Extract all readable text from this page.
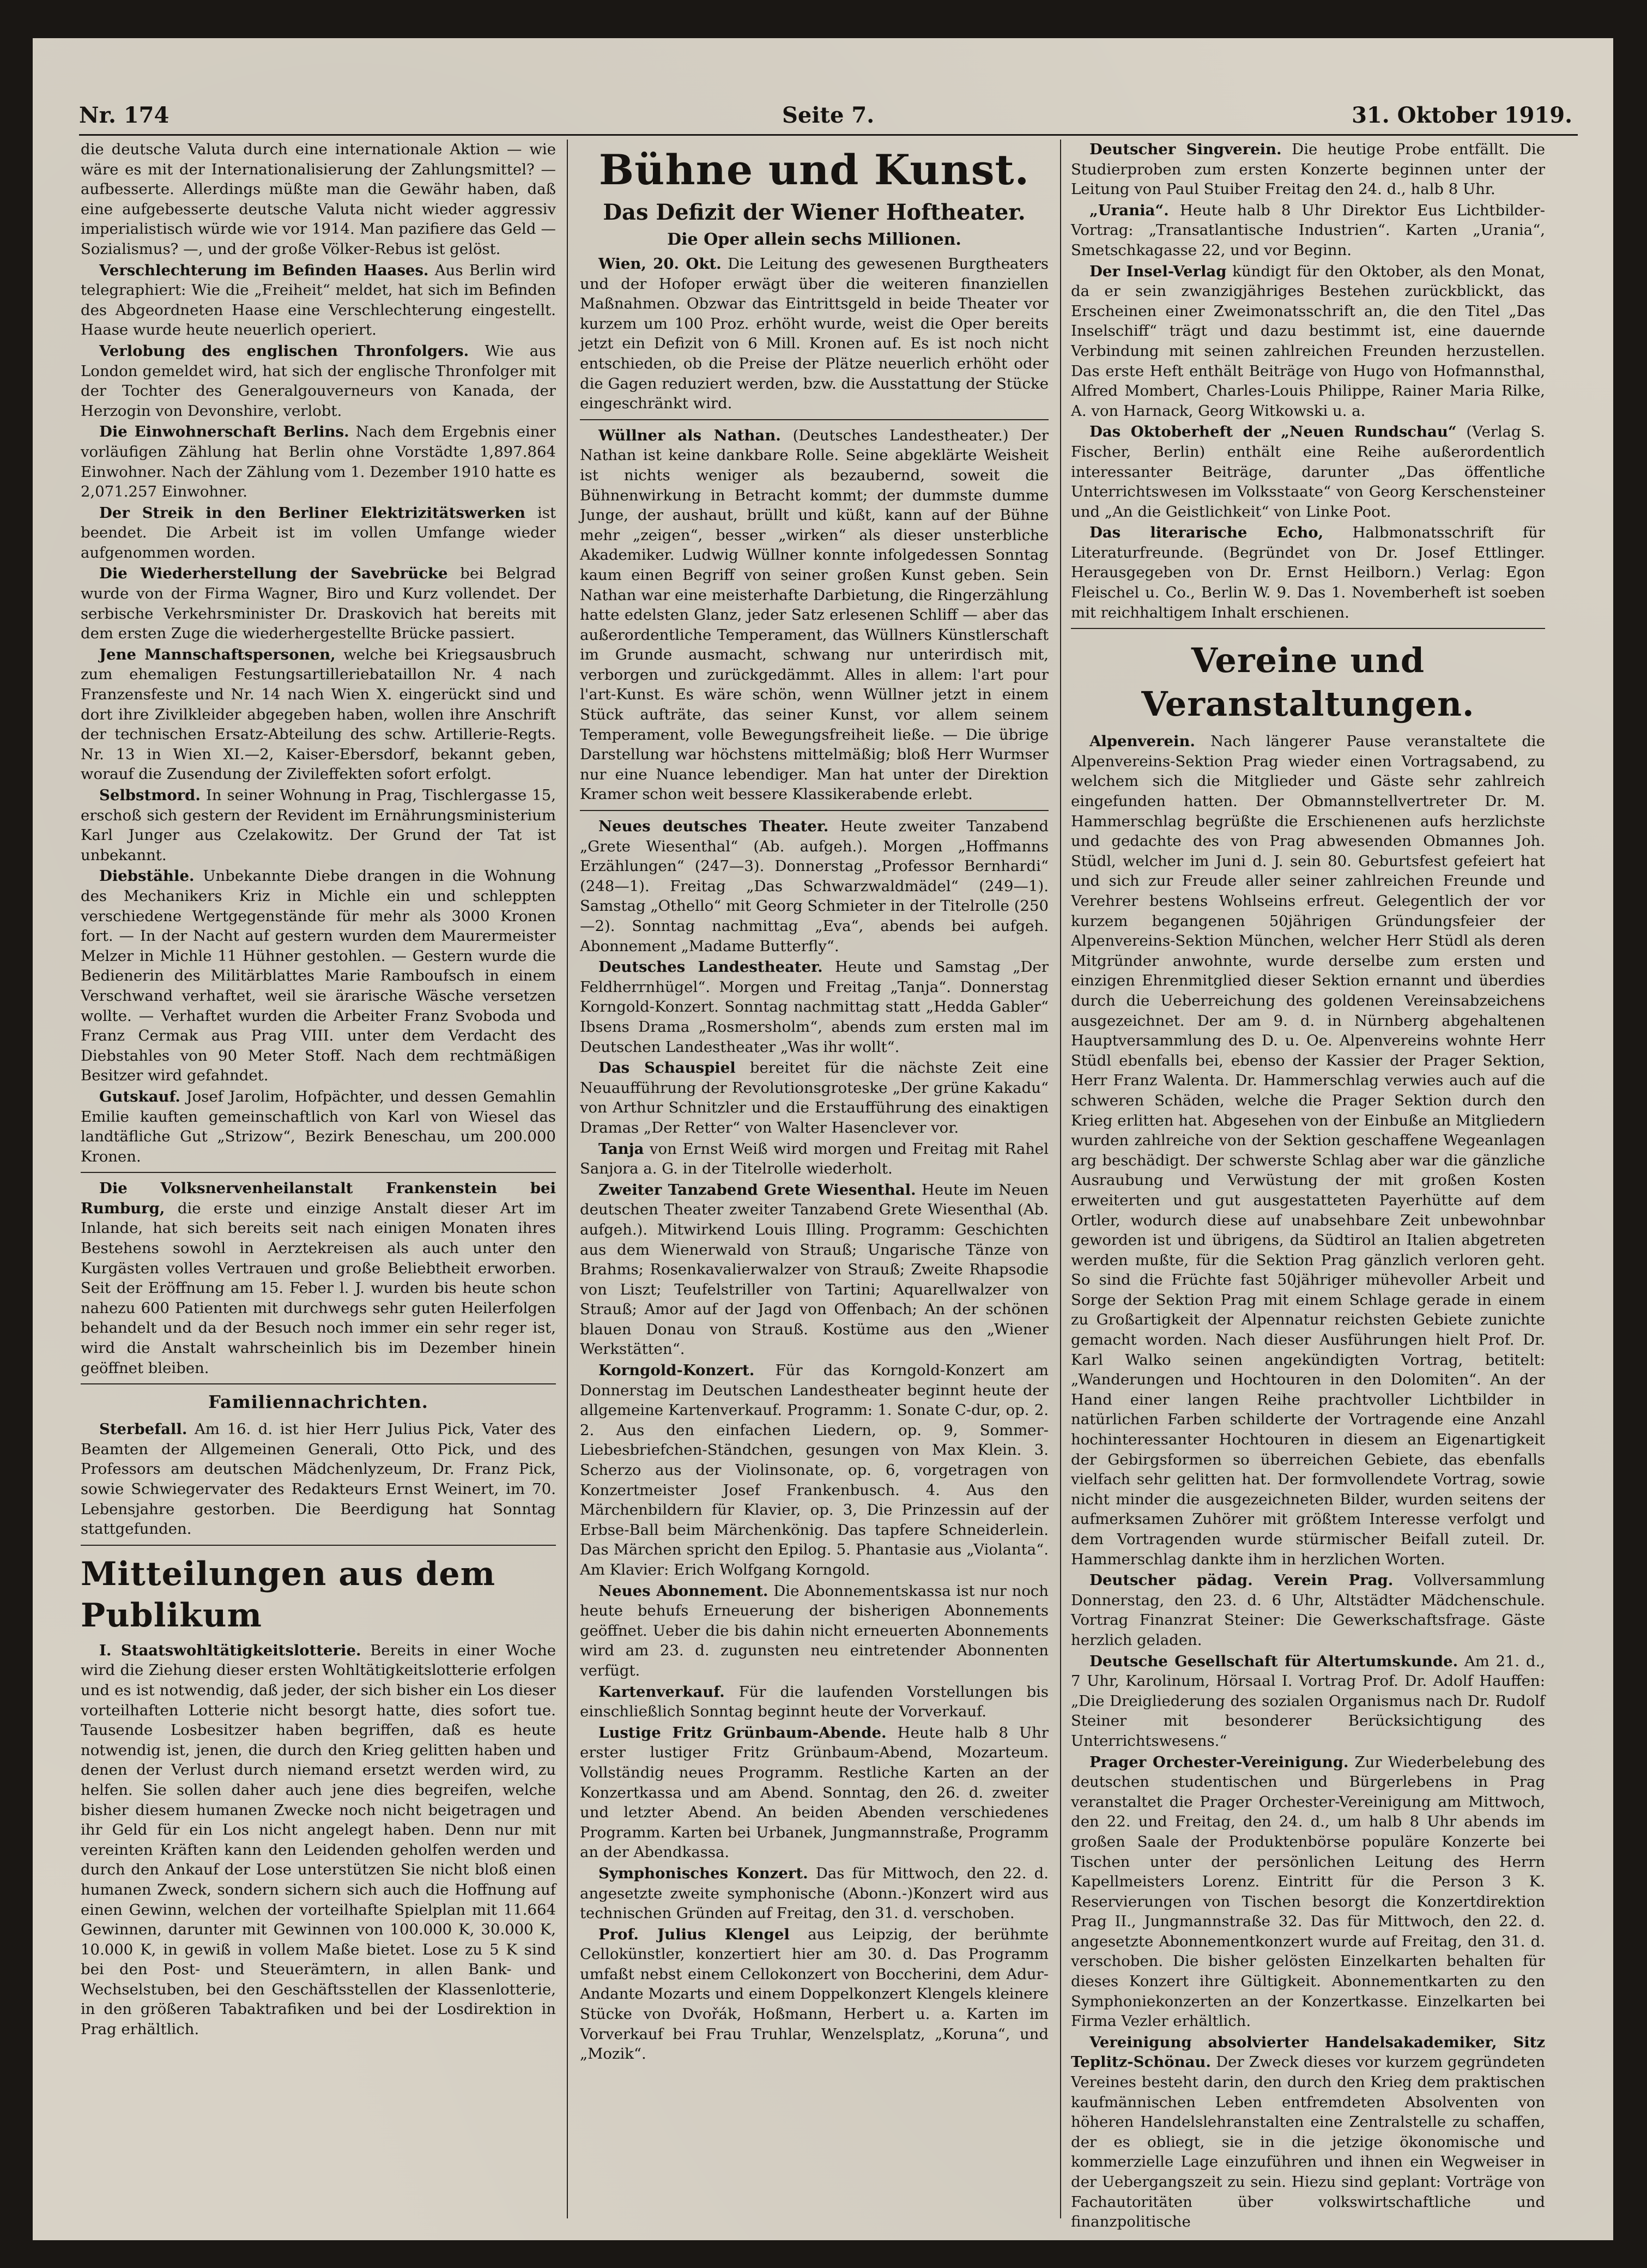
Nr. 174	Seite 7.	31. Oktober 1919.

die deutsche Valuta durch eine internationale Aktion — wie wäre es mit der Internationalisierung der Zahlungsmittel? — aufbesserte. Allerdings müßte man die Gewähr haben, daß eine aufgebesserte deutsche Valuta nicht wieder aggressiv imperialistisch würde wie vor 1914. Man pazifiere das Geld — Sozialismus? —, und der große Völker-Rebus ist gelöst.

Verschlechterung im Befinden Haases. Aus Berlin wird telegraphiert: Wie die „Freiheit“ meldet, hat sich im Befinden des Abgeordneten Haase eine Verschlechterung eingestellt. Haase wurde heute neuerlich operiert.

Verlobung des englischen Thronfolgers. Wie aus London gemeldet wird, hat sich der englische Thronfolger mit der Tochter des Generalgouverneurs von Kanada, der Herzogin von Devonshire, verlobt.

Die Einwohnerschaft Berlins. Nach dem Ergebnis einer vorläufigen Zählung hat Berlin ohne Vorstädte 1,897.864 Einwohner. Nach der Zählung vom 1. Dezember 1910 hatte es 2,071.257 Einwohner.

Der Streik in den Berliner Elektrizitätswerken ist beendet. Die Arbeit ist im vollen Umfange wieder aufgenommen worden.

Die Wiederherstellung der Savebrücke bei Belgrad wurde von der Firma Wagner, Biro und Kurz vollendet. Der serbische Verkehrsminister Dr. Draskovich hat bereits mit dem ersten Zuge die wiederhergestellte Brücke passiert.

Jene Mannschaftspersonen, welche bei Kriegsausbruch zum ehemaligen Festungsartilleriebataillon Nr. 4 nach Franzensfeste und Nr. 14 nach Wien X. eingerückt sind und dort ihre Zivilkleider abgegeben haben, wollen ihre Anschrift der technischen Ersatz-Abteilung des schw. Artillerie-Regts. Nr. 13 in Wien XI.—2, Kaiser-Ebersdorf, bekannt geben, worauf die Zusendung der Zivileffekten sofort erfolgt.

Selbstmord. In seiner Wohnung in Prag, Tischlergasse 15, erschoß sich gestern der Revident im Ernährungsministerium Karl Junger aus Czelakowitz. Der Grund der Tat ist unbekannt.

Diebstähle. Unbekannte Diebe drangen in die Wohnung des Mechanikers Kriz in Michle ein und schleppten verschiedene Wertgegenstände für mehr als 3000 Kronen fort. — In der Nacht auf gestern wurden dem Maurermeister Melzer in Michle 11 Hühner gestohlen. — Gestern wurde die Bedienerin des Militärblattes Marie Ramboufsch in einem Verschwand verhaftet, weil sie ärarische Wäsche versetzen wollte. — Verhaftet wurden die Arbeiter Franz Svoboda und Franz Cermak aus Prag VIII. unter dem Verdacht des Diebstahles von 90 Meter Stoff. Nach dem rechtmäßigen Besitzer wird gefahndet.

Gutskauf. Josef Jarolim, Hofpächter, und dessen Gemahlin Emilie kauften gemeinschaftlich von Karl von Wiesel das landtäfliche Gut „Strizow“, Bezirk Beneschau, um 200.000 Kronen.

Die Volksnervenheilanstalt Frankenstein bei Rumburg, die erste und einzige Anstalt dieser Art im Inlande, hat sich bereits seit nach einigen Monaten ihres Bestehens sowohl in Aerztekreisen als auch unter den Kurgästen volles Vertrauen und große Beliebtheit erworben. Seit der Eröffnung am 15. Feber l. J. wurden bis heute schon nahezu 600 Patienten mit durchwegs sehr guten Heilerfolgen behandelt und da der Besuch noch immer ein sehr reger ist, wird die Anstalt wahrscheinlich bis im Dezember hinein geöffnet bleiben.

Familiennachrichten.

Sterbefall. Am 16. d. ist hier Herr Julius Pick, Vater des Beamten der Allgemeinen Generali, Otto Pick, und des Professors am deutschen Mädchenlyzeum, Dr. Franz Pick, sowie Schwiegervater des Redakteurs Ernst Weinert, im 70. Lebensjahre gestorben. Die Beerdigung hat Sonntag stattgefunden.

Mitteilungen aus dem Publikum

I. Staatswohltätigkeitslotterie. Bereits in einer Woche wird die Ziehung dieser ersten Wohltätigkeitslotterie erfolgen und es ist notwendig, daß jeder, der sich bisher ein Los dieser vorteilhaften Lotterie nicht besorgt hatte, dies sofort tue. Tausende Losbesitzer haben begriffen, daß es heute notwendig ist, jenen, die durch den Krieg gelitten haben und denen der Verlust durch niemand ersetzt werden wird, zu helfen. Sie sollen daher auch jene dies begreifen, welche bisher diesem humanen Zwecke noch nicht beigetragen und ihr Geld für ein Los nicht angelegt haben. Denn nur mit vereinten Kräften kann den Leidenden geholfen werden und durch den Ankauf der Lose unterstützen Sie nicht bloß einen humanen Zweck, sondern sichern sich auch die Hoffnung auf einen Gewinn, welchen der vorteilhafte Spielplan mit 11.664 Gewinnen, darunter mit Gewinnen von 100.000 K, 30.000 K, 10.000 K, in gewiß in vollem Maße bietet. Lose zu 5 K sind bei den Post- und Steuerämtern, in allen Bank- und Wechselstuben, bei den Geschäftsstellen der Klassenlotterie, in den größeren Tabaktrafiken und bei der Losdirektion in Prag erhältlich.

Bühne und Kunst.
Das Defizit der Wiener Hoftheater.
Die Oper allein sechs Millionen.

Wien, 20. Okt. Die Leitung des gewesenen Burgtheaters und der Hofoper erwägt über die weiteren finanziellen Maßnahmen. Obzwar das Eintrittsgeld in beide Theater vor kurzem um 100 Proz. erhöht wurde, weist die Oper bereits jetzt ein Defizit von 6 Mill. Kronen auf. Es ist noch nicht entschieden, ob die Preise der Plätze neuerlich erhöht oder die Gagen reduziert werden, bzw. die Ausstattung der Stücke eingeschränkt wird.

Wüllner als Nathan. (Deutsches Landestheater.) Der Nathan ist keine dankbare Rolle. Seine abgeklärte Weisheit ist nichts weniger als bezaubernd, soweit die Bühnenwirkung in Betracht kommt; der dummste dumme Junge, der aushaut, brüllt und küßt, kann auf der Bühne mehr „zeigen“, besser „wirken“ als dieser unsterbliche Akademiker. Ludwig Wüllner konnte infolgedessen Sonntag kaum einen Begriff von seiner großen Kunst geben. Sein Nathan war eine meisterhafte Darbietung, die Ringerzählung hatte edelsten Glanz, jeder Satz erlesenen Schliff — aber das außerordentliche Temperament, das Wüllners Künstlerschaft im Grunde ausmacht, schwang nur unterirdisch mit, verborgen und zurückgedämmt. Alles in allem: l'art pour l'art-Kunst. Es wäre schön, wenn Wüllner jetzt in einem Stück aufträte, das seiner Kunst, vor allem seinem Temperament, volle Bewegungsfreiheit ließe. — Die übrige Darstellung war höchstens mittelmäßig; bloß Herr Wurmser nur eine Nuance lebendiger. Man hat unter der Direktion Kramer schon weit bessere Klassikerabende erlebt.

Neues deutsches Theater. Heute zweiter Tanzabend „Grete Wiesenthal“ (Ab. aufgeh.). Morgen „Hoffmanns Erzählungen“ (247—3). Donnerstag „Professor Bernhardi“ (248—1). Freitag „Das Schwarzwaldmädel“ (249—1). Samstag „Othello“ mit Georg Schmieter in der Titelrolle (250—2). Sonntag nachmittag „Eva“, abends bei aufgeh. Abonnement „Madame Butterfly“.

Deutsches Landestheater. Heute und Samstag „Der Feldherrnhügel“. Morgen und Freitag „Tanja“. Donnerstag Korngold-Konzert. Sonntag nachmittag statt „Hedda Gabler“ Ibsens Drama „Rosmersholm“, abends zum ersten mal im Deutschen Landestheater „Was ihr wollt“.

Das Schauspiel bereitet für die nächste Zeit eine Neuaufführung der Revolutionsgroteske „Der grüne Kakadu“ von Arthur Schnitzler und die Erstaufführung des einaktigen Dramas „Der Retter“ von Walter Hasenclever vor.

Tanja von Ernst Weiß wird morgen und Freitag mit Rahel Sanjora a. G. in der Titelrolle wiederholt.

Zweiter Tanzabend Grete Wiesenthal. Heute im Neuen deutschen Theater zweiter Tanzabend Grete Wiesenthal (Ab. aufgeh.). Mitwirkend Louis Illing. Programm: Geschichten aus dem Wienerwald von Strauß; Ungarische Tänze von Brahms; Rosenkavalierwalzer von Strauß; Zweite Rhapsodie von Liszt; Teufelstriller von Tartini; Aquarellwalzer von Strauß; Amor auf der Jagd von Offenbach; An der schönen blauen Donau von Strauß. Kostüme aus den „Wiener Werkstätten“.

Korngold-Konzert. Für das Korngold-Konzert am Donnerstag im Deutschen Landestheater beginnt heute der allgemeine Kartenverkauf. Programm: 1. Sonate C-dur, op. 2. 2. Aus den einfachen Liedern, op. 9, Sommer-Liebesbriefchen-Ständchen, gesungen von Max Klein. 3. Scherzo aus der Violinsonate, op. 6, vorgetragen von Konzertmeister Josef Frankenbusch. 4. Aus den Märchenbildern für Klavier, op. 3, Die Prinzessin auf der Erbse-Ball beim Märchenkönig. Das tapfere Schneiderlein. Das Märchen spricht den Epilog. 5. Phantasie aus „Violanta“. Am Klavier: Erich Wolfgang Korngold.

Neues Abonnement. Die Abonnementskassa ist nur noch heute behufs Erneuerung der bisherigen Abonnements geöffnet. Ueber die bis dahin nicht erneuerten Abonnements wird am 23. d. zugunsten neu eintretender Abonnenten verfügt.

Kartenverkauf. Für die laufenden Vorstellungen bis einschließlich Sonntag beginnt heute der Vorverkauf.

Lustige Fritz Grünbaum-Abende. Heute halb 8 Uhr erster lustiger Fritz Grünbaum-Abend, Mozarteum. Vollständig neues Programm. Restliche Karten an der Konzertkassa und am Abend. Sonntag, den 26. d. zweiter und letzter Abend. An beiden Abenden verschiedenes Programm. Karten bei Urbanek, Jungmannstraße, Programm an der Abendkassa.

Symphonisches Konzert. Das für Mittwoch, den 22. d. angesetzte zweite symphonische (Abonn.-)Konzert wird aus technischen Gründen auf Freitag, den 31. d. verschoben.

Prof. Julius Klengel aus Leipzig, der berühmte Cellokünstler, konzertiert hier am 30. d. Das Programm umfaßt nebst einem Cellokonzert von Boccherini, dem Adur-Andante Mozarts und einem Doppelkonzert Klengels kleinere Stücke von Dvořák, Hoßmann, Herbert u. a. Karten im Vorverkauf bei Frau Truhlar, Wenzelsplatz, „Koruna“, und „Mozik“.

Deutscher Singverein. Die heutige Probe entfällt. Die Studierproben zum ersten Konzerte beginnen unter der Leitung von Paul Stuiber Freitag den 24. d., halb 8 Uhr.

„Urania“. Heute halb 8 Uhr Direktor Eus Lichtbilder-Vortrag: „Transatlantische Industrien“. Karten „Urania“, Smetschkagasse 22, und vor Beginn.

Der Insel-Verlag kündigt für den Oktober, als den Monat, da er sein zwanzigjähriges Bestehen zurückblickt, das Erscheinen einer Zweimonatsschrift an, die den Titel „Das Inselschiff“ trägt und dazu bestimmt ist, eine dauernde Verbindung mit seinen zahlreichen Freunden herzustellen. Das erste Heft enthält Beiträge von Hugo von Hofmannsthal, Alfred Mombert, Charles-Louis Philippe, Rainer Maria Rilke, A. von Harnack, Georg Witkowski u. a.

Das Oktoberheft der „Neuen Rundschau“ (Verlag S. Fischer, Berlin) enthält eine Reihe außerordentlich interessanter Beiträge, darunter „Das öffentliche Unterrichtswesen im Volksstaate“ von Georg Kerschensteiner und „An die Geistlichkeit“ von Linke Poot.

Das literarische Echo, Halbmonatsschrift für Literaturfreunde. (Begründet von Dr. Josef Ettlinger. Herausgegeben von Dr. Ernst Heilborn.) Verlag: Egon Fleischel u. Co., Berlin W. 9. Das 1. Novemberheft ist soeben mit reichhaltigem Inhalt erschienen.

Vereine und Veranstaltungen.

Alpenverein. Nach längerer Pause veranstaltete die Alpenvereins-Sektion Prag wieder einen Vortragsabend, zu welchem sich die Mitglieder und Gäste sehr zahlreich eingefunden hatten. Der Obmannstellvertreter Dr. M. Hammerschlag begrüßte die Erschienenen aufs herzlichste und gedachte des von Prag abwesenden Obmannes Joh. Stüdl, welcher im Juni d. J. sein 80. Geburtsfest gefeiert hat und sich zur Freude aller seiner zahlreichen Freunde und Verehrer bestens Wohlseins erfreut. Gelegentlich der vor kurzem begangenen 50jährigen Gründungsfeier der Alpenvereins-Sektion München, welcher Herr Stüdl als deren Mitgründer anwohnte, wurde derselbe zum ersten und einzigen Ehrenmitglied dieser Sektion ernannt und überdies durch die Ueberreichung des goldenen Vereinsabzeichens ausgezeichnet. Der am 9. d. in Nürnberg abgehaltenen Hauptversammlung des D. u. Oe. Alpenvereins wohnte Herr Stüdl ebenfalls bei, ebenso der Kassier der Prager Sektion, Herr Franz Walenta. Dr. Hammerschlag verwies auch auf die schweren Schäden, welche die Prager Sektion durch den Krieg erlitten hat. Abgesehen von der Einbuße an Mitgliedern wurden zahlreiche von der Sektion geschaffene Wegeanlagen arg beschädigt. Der schwerste Schlag aber war die gänzliche Ausraubung und Verwüstung der mit großen Kosten erweiterten und gut ausgestatteten Payerhütte auf dem Ortler, wodurch diese auf unabsehbare Zeit unbewohnbar geworden ist und übrigens, da Südtirol an Italien abgetreten werden mußte, für die Sektion Prag gänzlich verloren geht. So sind die Früchte fast 50jähriger mühevoller Arbeit und Sorge der Sektion Prag mit einem Schlage gerade in einem zu Großartigkeit der Alpennatur reichsten Gebiete zunichte gemacht worden. Nach dieser Ausführungen hielt Prof. Dr. Karl Walko seinen angekündigten Vortrag, betitelt: „Wanderungen und Hochtouren in den Dolomiten“. An der Hand einer langen Reihe prachtvoller Lichtbilder in natürlichen Farben schilderte der Vortragende eine Anzahl hochinteressanter Hochtouren in diesem an Eigenartigkeit der Gebirgsformen so überreichen Gebiete, das ebenfalls vielfach sehr gelitten hat. Der formvollendete Vortrag, sowie nicht minder die ausgezeichneten Bilder, wurden seitens der aufmerksamen Zuhörer mit größtem Interesse verfolgt und dem Vortragenden wurde stürmischer Beifall zuteil. Dr. Hammerschlag dankte ihm in herzlichen Worten.

Deutscher pädag. Verein Prag. Vollversammlung Donnerstag, den 23. d. 6 Uhr, Altstädter Mädchenschule. Vortrag Finanzrat Steiner: Die Gewerkschaftsfrage. Gäste herzlich geladen.

Deutsche Gesellschaft für Altertumskunde. Am 21. d., 7 Uhr, Karolinum, Hörsaal I. Vortrag Prof. Dr. Adolf Hauffen: „Die Dreigliederung des sozialen Organismus nach Dr. Rudolf Steiner mit besonderer Berücksichtigung des Unterrichtswesens.“

Prager Orchester-Vereinigung. Zur Wiederbelebung des deutschen studentischen und Bürgerlebens in Prag veranstaltet die Prager Orchester-Vereinigung am Mittwoch, den 22. und Freitag, den 24. d., um halb 8 Uhr abends im großen Saale der Produktenbörse populäre Konzerte bei Tischen unter der persönlichen Leitung des Herrn Kapellmeisters Lorenz. Eintritt für die Person 3 K. Reservierungen von Tischen besorgt die Konzertdirektion Prag II., Jungmannstraße 32. Das für Mittwoch, den 22. d. angesetzte Abonnementkonzert wurde auf Freitag, den 31. d. verschoben. Die bisher gelösten Einzelkarten behalten für dieses Konzert ihre Gültigkeit. Abonnementkarten zu den Symphoniekonzerten an der Konzertkasse. Einzelkarten bei Firma Vezler erhältlich.

Vereinigung absolvierter Handelsakademiker, Sitz Teplitz-Schönau. Der Zweck dieses vor kurzem gegründeten Vereines besteht darin, den durch den Krieg dem praktischen kaufmännischen Leben entfremdeten Absolventen von höheren Handelslehranstalten eine Zentralstelle zu schaffen, der es obliegt, sie in die jetzige ökonomische und kommerzielle Lage einzuführen und ihnen ein Wegweiser in der Uebergangszeit zu sein. Hiezu sind geplant: Vorträge von Fachautoritäten über volkswirtschaftliche und finanzpolitische
